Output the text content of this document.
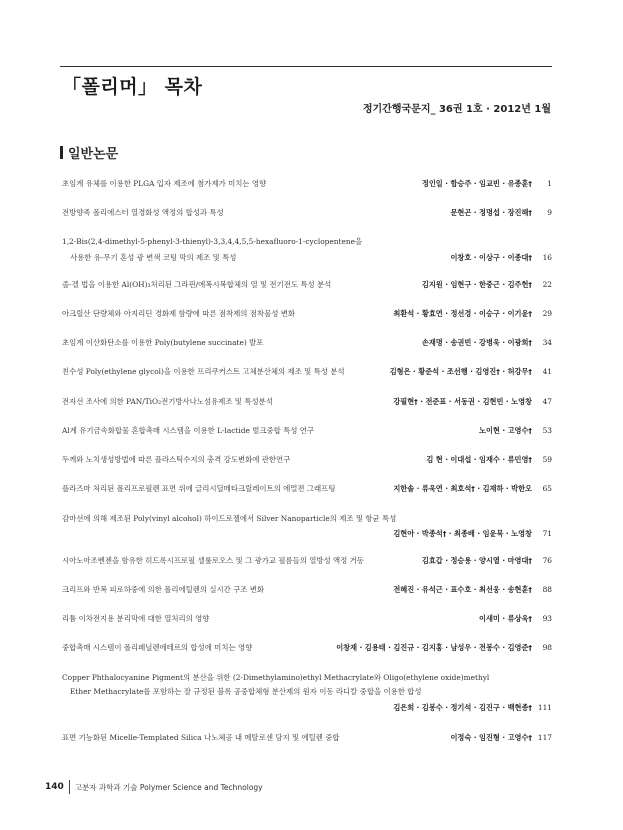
「폴리머」 목차
정기간행국문지_ 36권 1호 · 2012년 1월
일반논문
초임계 유체를 이용한 PLGA 입자 제조에 첨가제가 미치는 영향	정인일 · 함승주 · 임교빈 · 유종훈†	1
전방향족 폴리에스터 열경화성 액정의 합성과 특성	문현곤 · 정명섭 · 장진해†	9
1,2-Bis(2,4-dimethyl-5-phenyl-3-thienyl)-3,3,4,4,5,5-hexafluoro-1-cyclopentene을
사용한 유-무기 혼성 광 변색 코팅 막의 제조 및 특성	이창호 · 이상구 · 이종대†	16
졸-겔 법을 이용한 Al(OH)₃처리된 그라핀/에폭시복합체의 열 및 전기전도 특성 분석	김지원 · 임현구 · 한중근 · 김주헌†	22
아크릴산 단량체와 아지리딘 경화제 함량에 따른 점착제의 점착물성 변화	최환석 · 황효연 · 정선경 · 이승구 · 이기윤†	29
초임계 이산화탄소를 이용한 Poly(butylene succinate) 발포	손재명 · 송권빈 · 강병욱 · 이광희†	34
친수성 Poly(ethylene glycol)을 이용한 프리쿠커스트 고체분산체의 제조 및 특성 분석	김형은 · 황준석 · 조선행 · 김영진† · 허강무†	41
전자선 조사에 의한 PAN/TiO₂전기방사나노섬유제조 및 특성분석	강필현† · 전준표 · 서동권 · 김현빈 · 노영창	47
Al계 유기금속화합물 혼합촉매 시스템을 이용한 L-lactide 벌크중합 특성 연구	노이현 · 고영수†	53
두께와 노치생성방법에 따른 플라스틱수지의 충격 강도변화에 관한연구	김 현 · 이대섭 · 임재수 · 류민영†	59
플라즈마 처리된 폴리프로필렌 표면 위에 글리시딜메타크릴레이트의 에멀젼 그래프팅	지한솔 · 류욱연 · 최호석† · 김재하 · 박한오	65
감마선에 의해 제조된 Poly(vinyl alcohol) 하이드로젤에서 Silver Nanoparticle의 제조 및 항균 특성
김현아 · 박종석† · 최종배 · 임윤묵 · 노영창	71
시아노아조벤젠을 함유한 히드록시프로필 셀룰로오스 및 그 광가교 필름들의 열방성 액정 거동	김효갑 · 정승용 · 양시열 · 마영대†	76
크리프와 반복 피로하중에 의한 폴리에틸렌의 실시간 구조 변화	전혜진 · 유석근 · 표수호 · 최선웅 · 송현훈†	88
리튬 이차전지용 분리막에 대한 열처리의 영향	이새미 · 류상욱†	93
중합촉매 시스템이 폴리페닐렌에테르의 합성에 미치는 영향	이창재 · 김용태 · 김진규 · 김지홍 · 남성우 · 전봉수 · 김영준†	98
Copper Phthalocyanine Pigment의 분산을 위한 (2-Dimethylamino)ethyl Methacrylate와 Oligo(ethylene oxide)methyl
Ether Methacrylate를 포함하는 잘 규정된 블록 공중합체형 분산제의 원자 이동 라디칼 중합을 이용한 합성
김은희 · 김봉수 · 정기석 · 김진구 · 백현종† 111
표면 기능화된 Micelle-Templated Silica 나노체공 내 메탈로센 담지 및 에틸렌 중합	이정숙 · 임진형 · 고영수† 117
140 고분자 과학과 기술 Polymer Science and Technology
